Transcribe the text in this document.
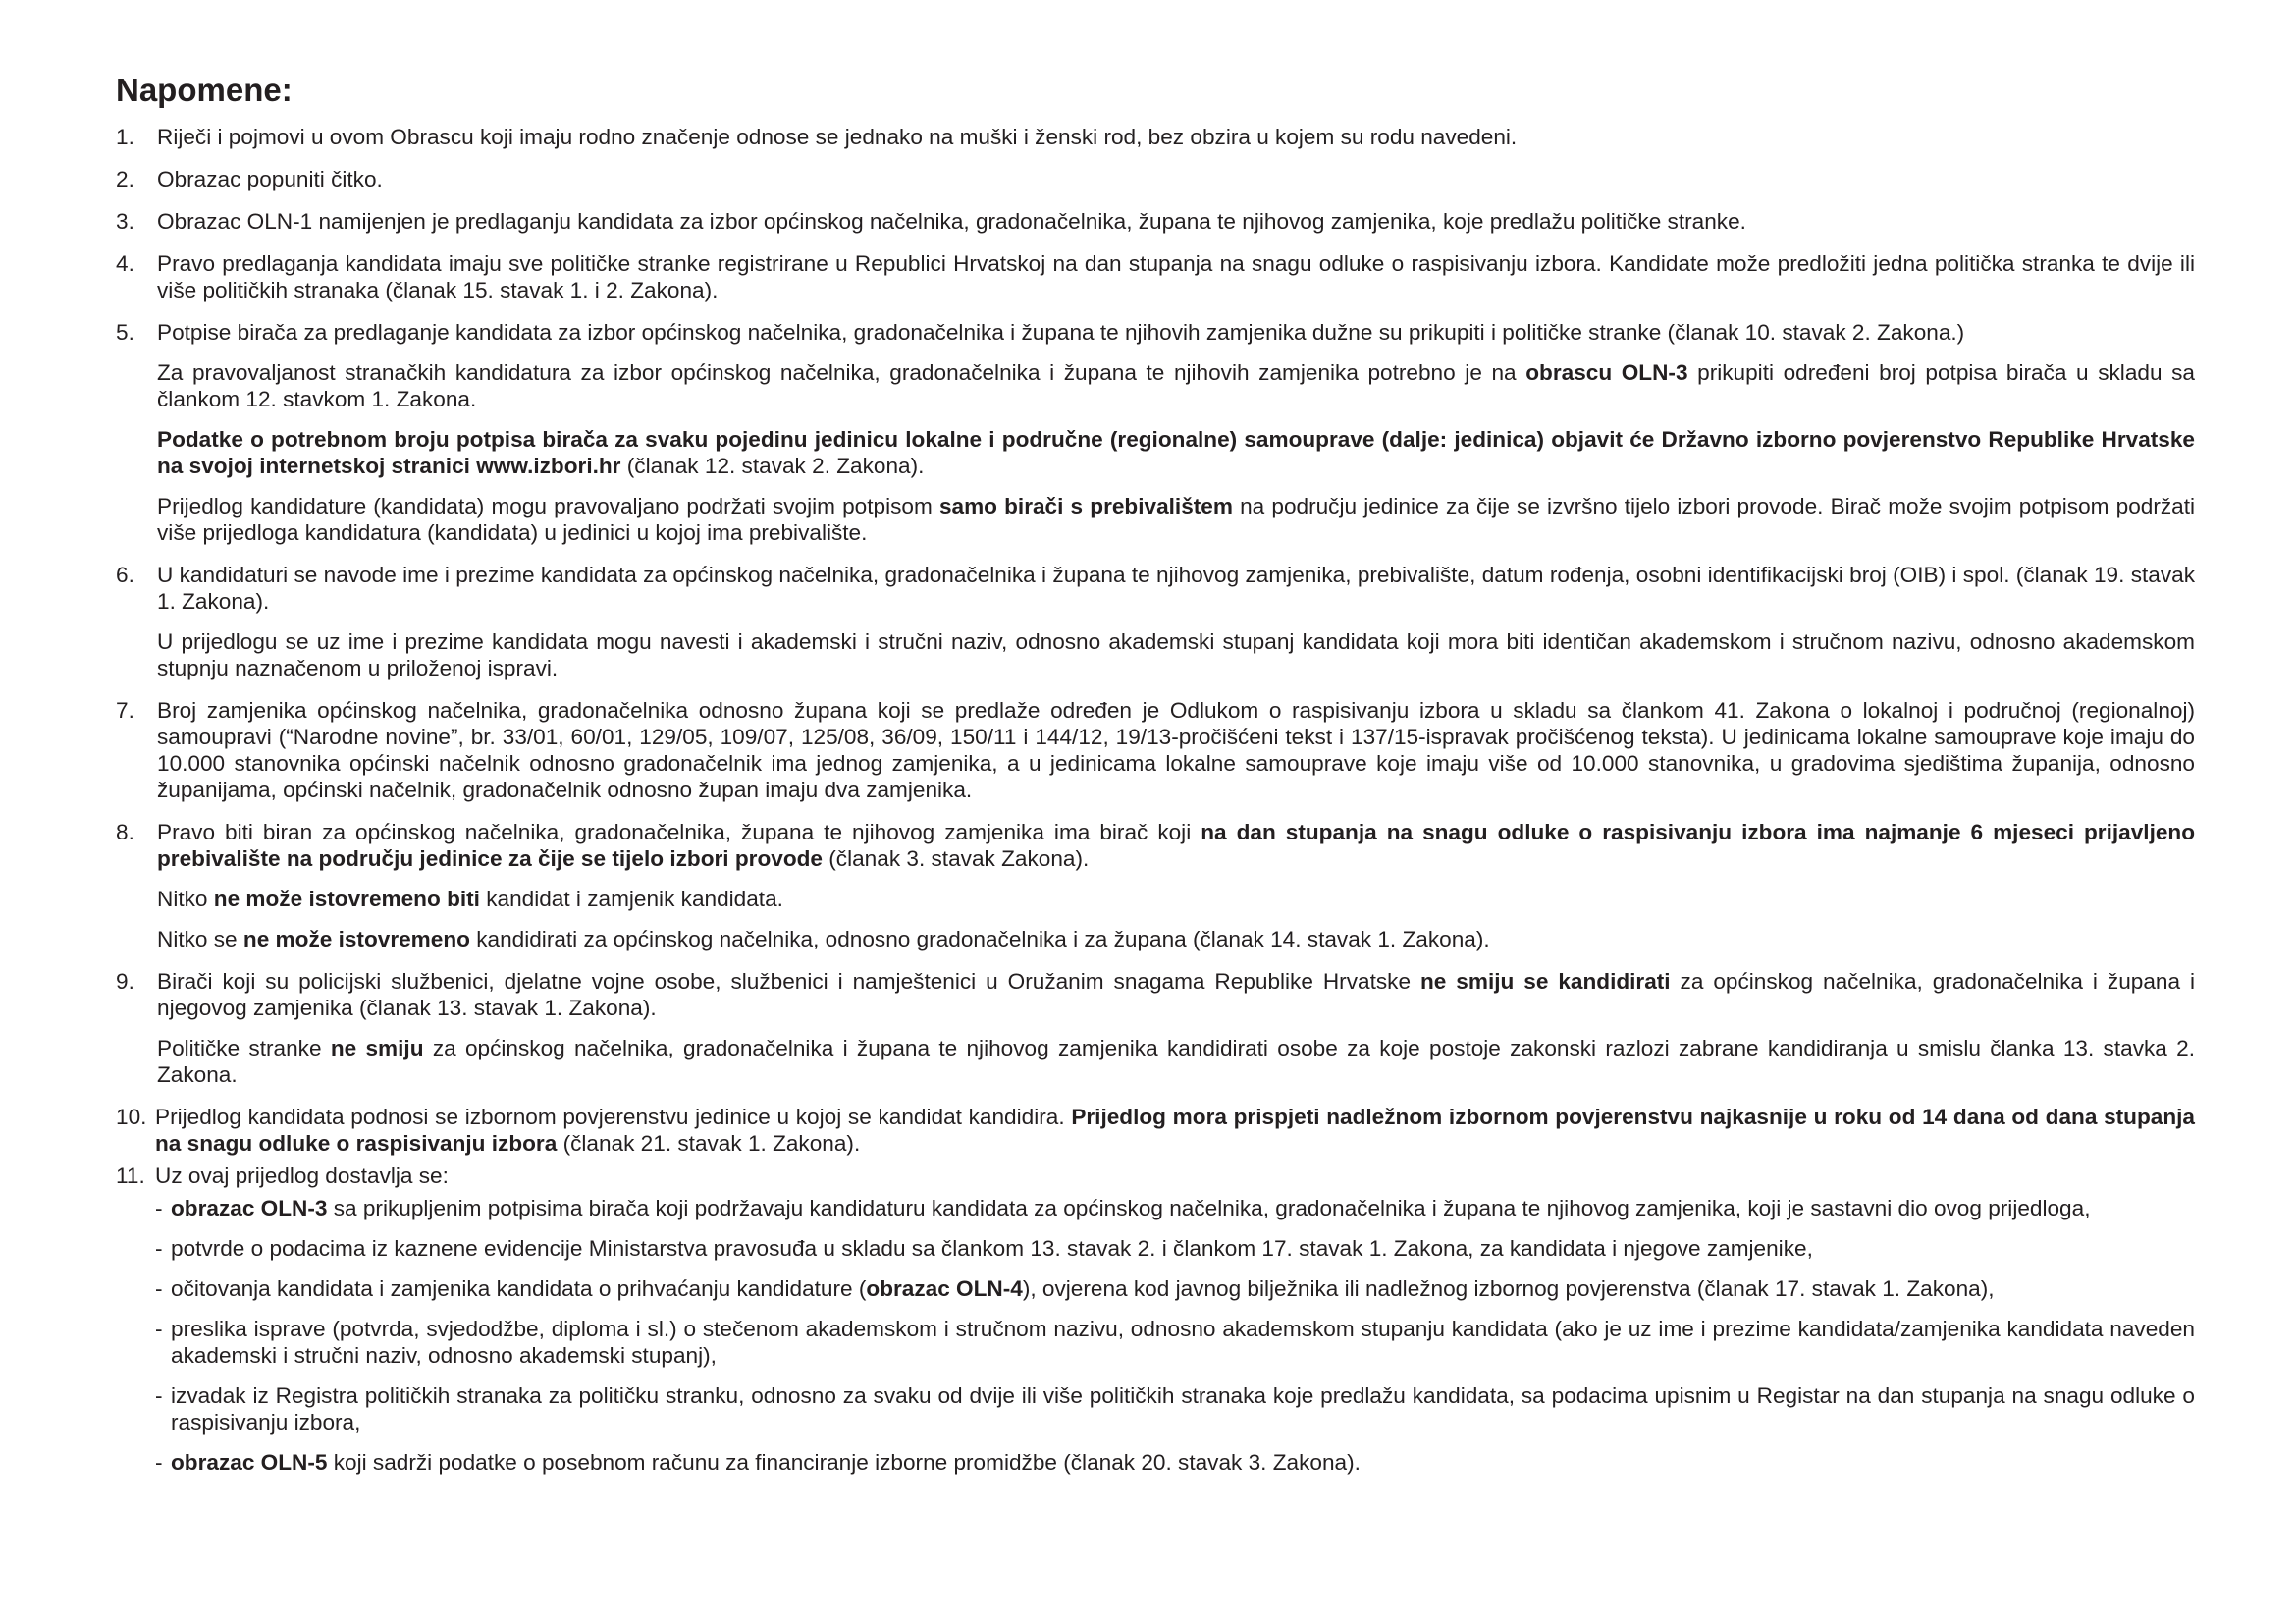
Napomene:
1.	Riječi i pojmovi u ovom Obrascu koji imaju rodno značenje odnose se jednako na muški i ženski rod, bez obzira u kojem su rodu navedeni.
2.	Obrazac popuniti čitko.
3.	Obrazac OLN-1 namijenjen je predlaganju kandidata za izbor općinskog načelnika, gradonačelnika, župana te njihovog zamjenika, koje predlažu političke stranke.
4.	Pravo predlaganja kandidata imaju sve političke stranke registrirane u Republici Hrvatskoj na dan stupanja na snagu odluke o raspisivanju izbora. Kandidate može predložiti jedna politička stranka te dvije ili više političkih stranaka (članak 15. stavak 1. i 2. Zakona).
5.	Potpise birača za predlaganje kandidata za izbor općinskog načelnika, gradonačelnika i župana te njihovih zamjenika dužne su prikupiti i političke stranke (članak 10. stavak 2. Zakona.)
Za pravovaljanost stranačkih kandidatura za izbor općinskog načelnika, gradonačelnika i župana te njihovih zamjenika potrebno je na obrascu OLN-3 prikupiti određeni broj potpisa birača u skladu sa člankom 12. stavkom 1. Zakona.
Podatke o potrebnom broju potpisa birača za svaku pojedinu jedinicu lokalne i područne (regionalne) samouprave (dalje: jedinica) objavit će Državno izborno povjerenstvo Republike Hrvatske na svojoj internetskoj stranici www.izbori.hr (članak 12. stavak 2. Zakona).
Prijedlog kandidature (kandidata) mogu pravovaljano podržati svojim potpisom samo birači s prebivalištem na području jedinice za čije se izvršno tijelo izbori provode. Birač može svojim potpisom podržati više prijedloga kandidatura (kandidata) u jedinici u kojoj ima prebivalište.
6.	U kandidaturi se navode ime i prezime kandidata za općinskog načelnika, gradonačelnika i župana te njihovog zamjenika, prebivalište, datum rođenja, osobni identifikacijski broj (OIB) i spol. (članak 19. stavak 1. Zakona).
U prijedlogu se uz ime i prezime kandidata mogu navesti i akademski i stručni naziv, odnosno akademski stupanj kandidata koji mora biti identičan akademskom i stručnom nazivu, odnosno akademskom stupnju naznačenom u priloženoj ispravi.
7.	Broj zamjenika općinskog načelnika, gradonačelnika odnosno župana koji se predlaže određen je Odlukom o raspisivanju izbora u skladu sa člankom 41. Zakona o lokalnoj i područnoj (regionalnoj) samoupravi (“Narodne novine”, br. 33/01, 60/01, 129/05, 109/07, 125/08, 36/09, 150/11 i 144/12, 19/13-pročišćeni tekst i 137/15-ispravak pročišćenog teksta). U jedinicama lokalne samouprave koje imaju do 10.000 stanovnika općinski načelnik odnosno gradonačelnik ima jednog zamjenika, a u jedinicama lokalne samouprave koje imaju više od 10.000 stanovnika, u gradovima sjedištima županija, odnosno županijama, općinski načelnik, gradonačelnik odnosno župan imaju dva zamjenika.
8.	Pravo biti biran za općinskog načelnika, gradonačelnika, župana te njihovog zamjenika ima birač koji na dan stupanja na snagu odluke o raspisivanju izbora ima najmanje 6 mjeseci prijavljeno prebivalište na području jedinice za čije se tijelo izbori provode (članak 3. stavak Zakona).
Nitko ne može istovremeno biti kandidat i zamjenik kandidata.
Nitko se ne može istovremeno kandidirati za općinskog načelnika, odnosno gradonačelnika i za župana (članak 14. stavak 1. Zakona).
9.	Birači koji su policijski službenici, djelatne vojne osobe, službenici i namještenici u Oružanim snagama Republike Hrvatske ne smiju se kandidirati za općinskog načelnika, gradonačelnika i župana i njegovog zamjenika (članak 13. stavak 1. Zakona).
Političke stranke ne smiju za općinskog načelnika, gradonačelnika i župana te njihovog zamjenika kandidirati osobe za koje postoje zakonski razlozi zabrane kandidiranja u smislu članka 13. stavka 2. Zakona.
10. Prijedlog kandidata podnosi se izbornom povjerenstvu jedinice u kojoj se kandidat kandidira. Prijedlog mora prispjeti nadležnom izbornom povjerenstvu najkasnije u roku od 14 dana od dana stupanja na snagu odluke o raspisivanju izbora (članak 21. stavak 1. Zakona).
11. Uz ovaj prijedlog dostavlja se:
- obrazac OLN-3 sa prikupljenim potpisima birača koji podržavaju kandidaturu kandidata za općinskog načelnika, gradonačelnika i župana te njihovog zamjenika, koji je sastavni dio ovog prijedloga,
- potvrde o podacima iz kaznene evidencije Ministarstva pravosuđa u skladu sa člankom 13. stavak 2. i člankom 17. stavak 1. Zakona, za kandidata i njegove zamjenike,
- očitovanja kandidata i zamjenika kandidata o prihvaćanju kandidature (obrazac OLN-4), ovjerena kod javnog bilježnika ili nadležnog izbornog povjerenstva (članak 17. stavak 1. Zakona),
- preslika isprave (potvrda, svjedodžbe, diploma i sl.) o stečenom akademskom i stručnom nazivu, odnosno akademskom stupanju kandidata (ako je uz ime i prezime kandidata/zamjenika kandidata naveden akademski i stručni naziv, odnosno akademski stupanj),
- izvadak iz Registra političkih stranaka za političku stranku, odnosno za svaku od dvije ili više političkih stranaka koje predlažu kandidata, sa podacima upisnim u Registar na dan stupanja na snagu odluke o raspisivanju izbora,
- obrazac OLN-5 koji sadrži podatke o posebnom računu za financiranje izborne promidžbe (članak 20. stavak 3. Zakona).
